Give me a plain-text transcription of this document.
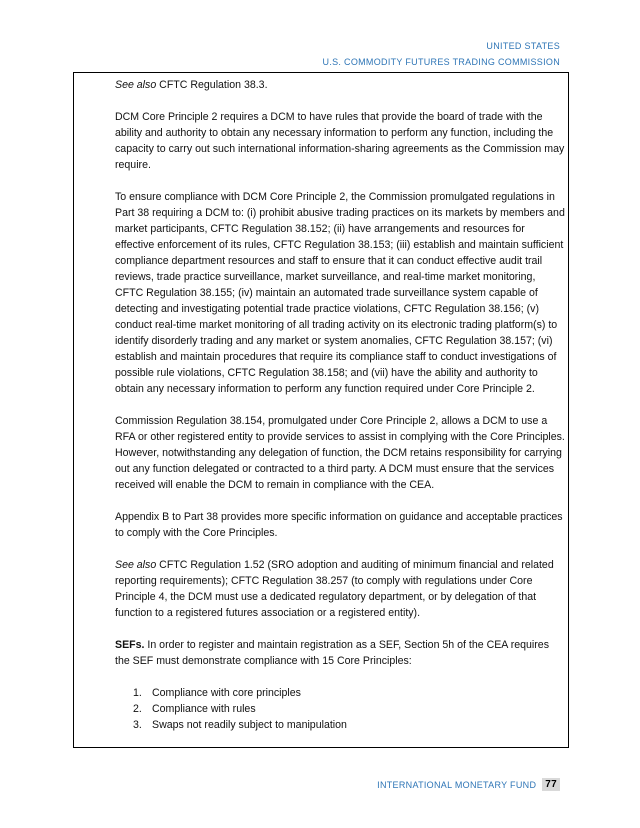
UNITED STATES
U.S. COMMODITY FUTURES TRADING COMMISSION

See also CFTC Regulation 38.3.

DCM Core Principle 2 requires a DCM to have rules that provide the board of trade with the ability and authority to obtain any necessary information to perform any function, including the capacity to carry out such international information-sharing agreements as the Commission may require.

To ensure compliance with DCM Core Principle 2, the Commission promulgated regulations in Part 38 requiring a DCM to: (i) prohibit abusive trading practices on its markets by members and market participants, CFTC Regulation 38.152; (ii) have arrangements and resources for effective enforcement of its rules, CFTC Regulation 38.153; (iii) establish and maintain sufficient compliance department resources and staff to ensure that it can conduct effective audit trail reviews, trade practice surveillance, market surveillance, and real-time market monitoring, CFTC Regulation 38.155; (iv) maintain an automated trade surveillance system capable of detecting and investigating potential trade practice violations, CFTC Regulation 38.156; (v) conduct real-time market monitoring of all trading activity on its electronic trading platform(s) to identify disorderly trading and any market or system anomalies, CFTC Regulation 38.157; (vi) establish and maintain procedures that require its compliance staff to conduct investigations of possible rule violations, CFTC Regulation 38.158; and (vii) have the ability and authority to obtain any necessary information to perform any function required under Core Principle 2.

Commission Regulation 38.154, promulgated under Core Principle 2, allows a DCM to use a RFA or other registered entity to provide services to assist in complying with the Core Principles. However, notwithstanding any delegation of function, the DCM retains responsibility for carrying out any function delegated or contracted to a third party. A DCM must ensure that the services received will enable the DCM to remain in compliance with the CEA.

Appendix B to Part 38 provides more specific information on guidance and acceptable practices to comply with the Core Principles.

See also CFTC Regulation 1.52 (SRO adoption and auditing of minimum financial and related reporting requirements); CFTC Regulation 38.257 (to comply with regulations under Core Principle 4, the DCM must use a dedicated regulatory department, or by delegation of that function to a registered futures association or a registered entity).

SEFs. In order to register and maintain registration as a SEF, Section 5h of the CEA requires the SEF must demonstrate compliance with 15 Core Principles:

1. Compliance with core principles
2. Compliance with rules
3. Swaps not readily subject to manipulation
INTERNATIONAL MONETARY FUND 77
